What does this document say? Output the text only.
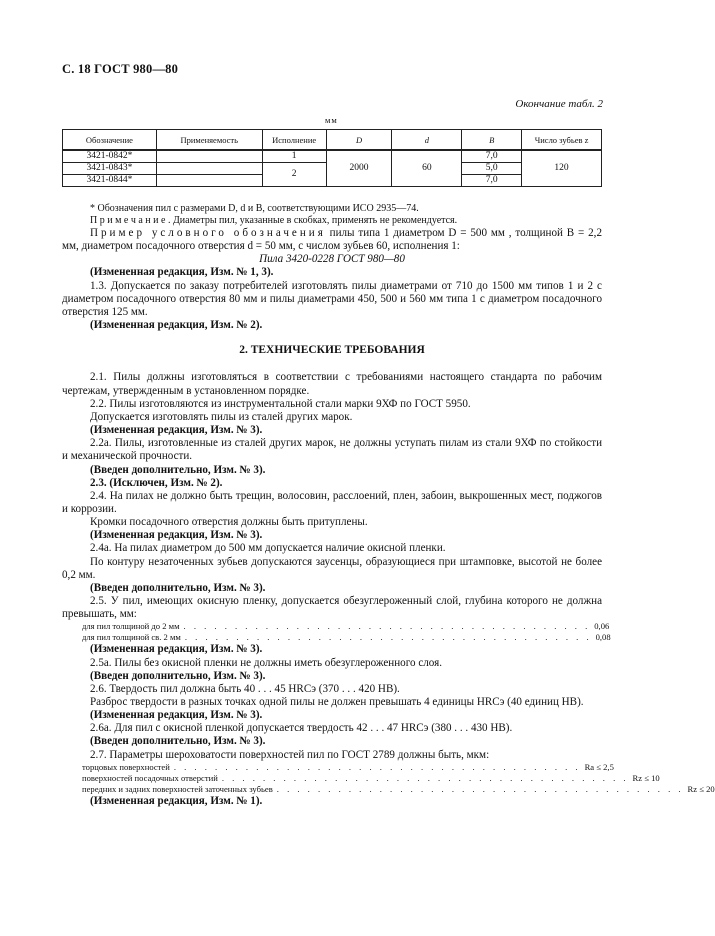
С. 18 ГОСТ 980—80
Окончание табл. 2
мм
Обозначение	Применяемость	Исполнение	D	d	B	Число зубьев z
3421-0842*		1	2000	60	7,0	120
3421-0843*		2			5,0	
3421-0844*					7,0	

* Обозначения пил с размерами D, d и B, соответствующими ИСО 2935—74.

П р и м е ч а н и е . Диаметры пил, указанные в скобках, применять не рекомендуется.

Пример условного обозначения пилы типа 1 диаметром D = 500 мм , толщиной B = 2,2 мм, диаметром посадочного отверстия d = 50 мм, с числом зубьев 60, исполнения 1:

Пила 3420-0228 ГОСТ 980—80

(Измененная редакция, Изм. № 1, 3).

1.3. Допускается по заказу потребителей изготовлять пилы диаметрами от 710 до 1500 мм типов 1 и 2 с диаметром посадочного отверстия 80 мм и пилы диаметрами 450, 500 и 560 мм типа 1 с диаметром посадочного отверстия 125 мм.

(Измененная редакция, Изм. № 2).

2. ТЕХНИЧЕСКИЕ ТРЕБОВАНИЯ

2.1. Пилы должны изготовляться в соответствии с требованиями настоящего стандарта по рабочим чертежам, утвержденным в установленном порядке.

2.2. Пилы изготовляются из инструментальной стали марки 9ХФ по ГОСТ 5950.

Допускается изготовлять пилы из сталей других марок.

(Измененная редакция, Изм. № 3).

2.2а. Пилы, изготовленные из сталей других марок, не должны уступать пилам из стали 9ХФ по стойкости и механической прочности.

(Введен дополнительно, Изм. № 3).

2.3. (Исключен, Изм. № 2).

2.4. На пилах не должно быть трещин, волосовин, расслоений, плен, забоин, выкрошенных мест, поджогов и коррозии.

Кромки посадочного отверстия должны быть притуплены.

(Измененная редакция, Изм. № 3).

2.4а. На пилах диаметром до 500 мм допускается наличие окисной пленки.

По контуру незаточенных зубьев допускаются заусенцы, образующиеся при штамповке, высотой не более 0,2 мм.

(Введен дополнительно, Изм. № 3).

2.5. У пил, имеющих окисную пленку, допускается обезуглероженный слой, глубина которого не должна превышать, мм:

для пил толщиной до 2 мм . . . . . . . . . . . . . . . . . . . . . . . . . . . . . . . . . . . . . . . . 0,06
для пил толщиной св. 2 мм . . . . . . . . . . . . . . . . . . . . . . . . . . . . . . . . . . . . . . . . 0,08

(Измененная редакция, Изм. № 3).

2.5а. Пилы без окисной пленки не должны иметь обезуглероженного слоя.

(Введен дополнительно, Изм. № 3).

2.6. Твердость пил должна быть 40 . . . 45 HRCэ (370 . . . 420 HB).

Разброс твердости в разных точках одной пилы не должен превышать 4 единицы HRCэ (40 единиц HB).

(Измененная редакция, Изм. № 3).

2.6а. Для пил с окисной пленкой допускается твердость 42 . . . 47 HRCэ (380 . . . 430 HB).

(Введен дополнительно, Изм. № 3).

2.7. Параметры шероховатости поверхностей пил по ГОСТ 2789 должны быть, мкм:

торцовых поверхностей . . . . . . . . . . . . . . . . . . . . . . . . . . . . . . . . . . . . . . . . Ra ≤ 2,5
поверхностей посадочных отверстий . . . . . . . . . . . . . . . . . . . . . . . . . . . . . . . . . . . . . . . . Rz ≤ 10
передних и задних поверхностей заточенных зубьев . . . . . . . . . . . . . . . . . . . . . . . . . . . . . . . . . . . . . . . . Rz ≤ 20

(Измененная редакция, Изм. № 1).
